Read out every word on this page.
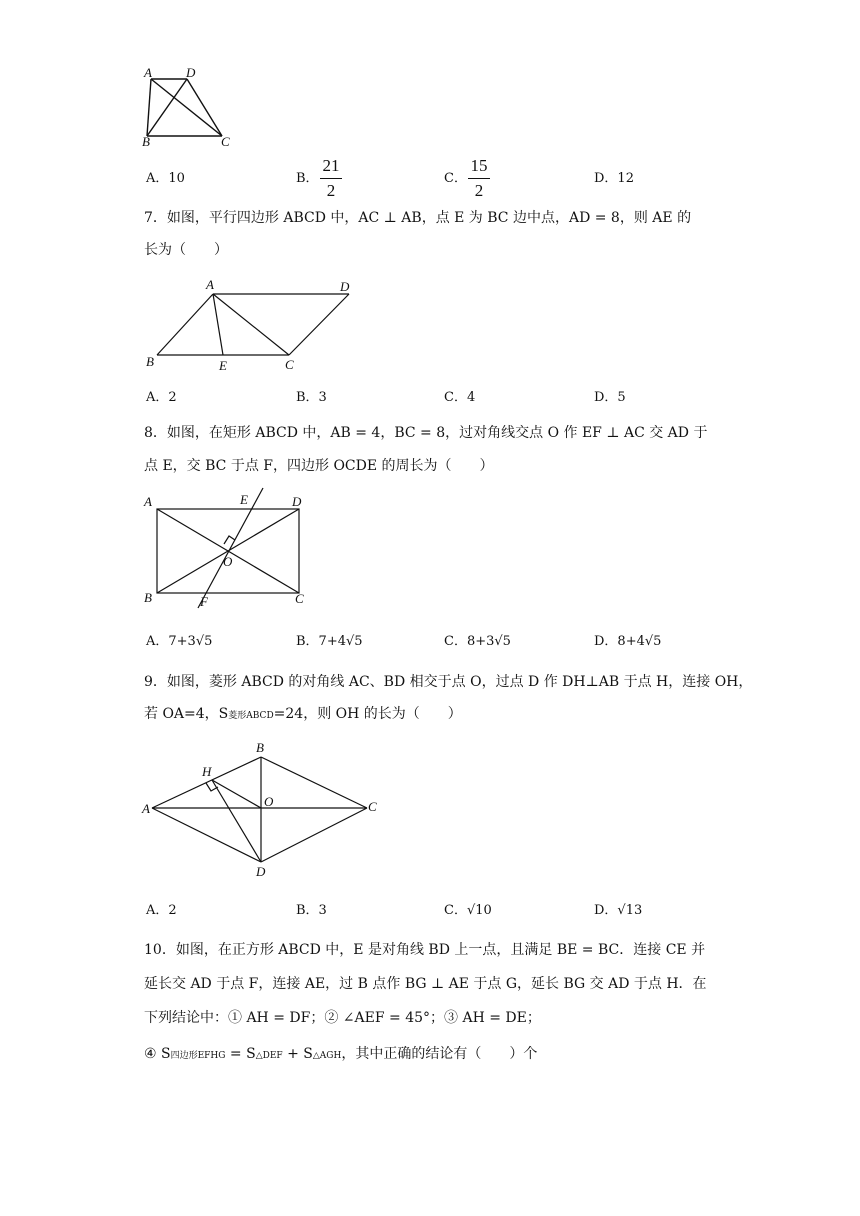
A	D
B	C
A．10	B．
21
2
C．
15
2
D．12
7．如图，平行四边形 ABCD 中，AC ⊥ AB，点 E 为 BC 边中点，AD = 8，则 AE 的
长为（　　）
A	D
B	E	C
A．2	B．3	C．4	D．5
8．如图，在矩形 ABCD 中，AB = 4，BC = 8，过对角线交点 O 作 EF ⊥ AC 交 AD 于
点 E，交 BC 于点 F，四边形 OCDE 的周长为（　　）
A	E	D
O
B	F	C
A．7+3√5	B．7+4√5	C．8+3√5	D．8+4√5
9．如图，菱形 ABCD 的对角线 AC、BD 相交于点 O，过点 D 作 DH⊥AB 于点 H，连接 OH，
若 OA=4，S菱形ABCD=24，则 OH 的长为（　　）
B
H
A	O	C
D
A．2	B．3	C．√10	D．√13
10．如图，在正方形 ABCD 中，E 是对角线 BD 上一点，且满足 BE = BC．连接 CE 并
延长交 AD 于点 F，连接 AE，过 B 点作 BG ⊥ AE 于点 G，延长 BG 交 AD 于点 H．在
下列结论中：① AH = DF；② ∠AEF = 45°；③ AH = DE；
④ S四边形EFHG = S△DEF + S△AGH，其中正确的结论有（　　）个
